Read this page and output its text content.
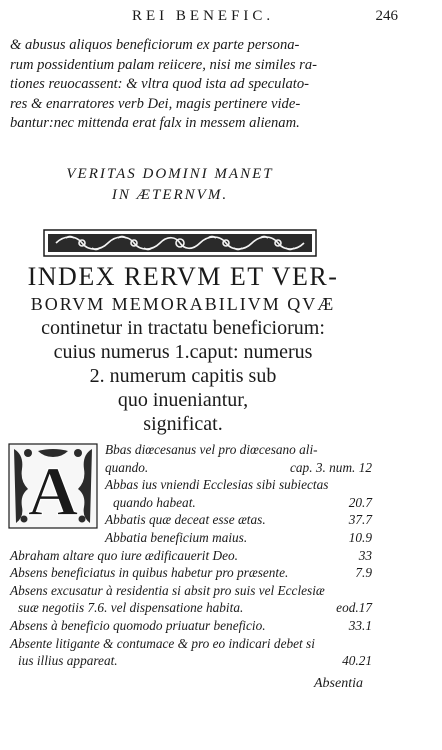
REI BENEFIC.	246
& abusus aliquos beneficiorum ex parte persona-
rum possidentium palam reiicere, nisi me similes ra-
tiones reuocassent: & vltra quod ista ad speculato-
res & enarratores verb Dei, magis pertinere vide-
bantur:nec mittenda erat falx in messem alienam.
VERITAS DOMINI MANET
IN ÆTERNVM.
INDEX RERVM ET VER-
BORVM MEMORABILIVM QVÆ
continetur in tractatu beneficiorum:
cuius numerus 1.caput: numerus
2. numerum capitis sub
quo inueniantur,
significat.
A
Bbas diœcesanus vel pro diœcesano ali-
quando.	cap. 3. num. 12
Abbas ius vniendi Ecclesias sibi subiectas
quando habeat.	20.7
Abbatis quæ deceat esse ætas.	37.7
Abbatia beneficium maius.	10.9
Abraham altare quo iure ædificauerit Deo.	33
Absens beneficiatus in quibus habetur pro præsente.	7.9
Absens excusatur à residentia si absit pro suis vel Ecclesiæ
suæ negotiis 7.6. vel dispensatione habita.	eod.17
Absens à beneficio quomodo priuatur beneficio.	33.1
Absente litigante & contumace & pro eo indicari debet si
ius illius appareat.	40.21
Absentia
